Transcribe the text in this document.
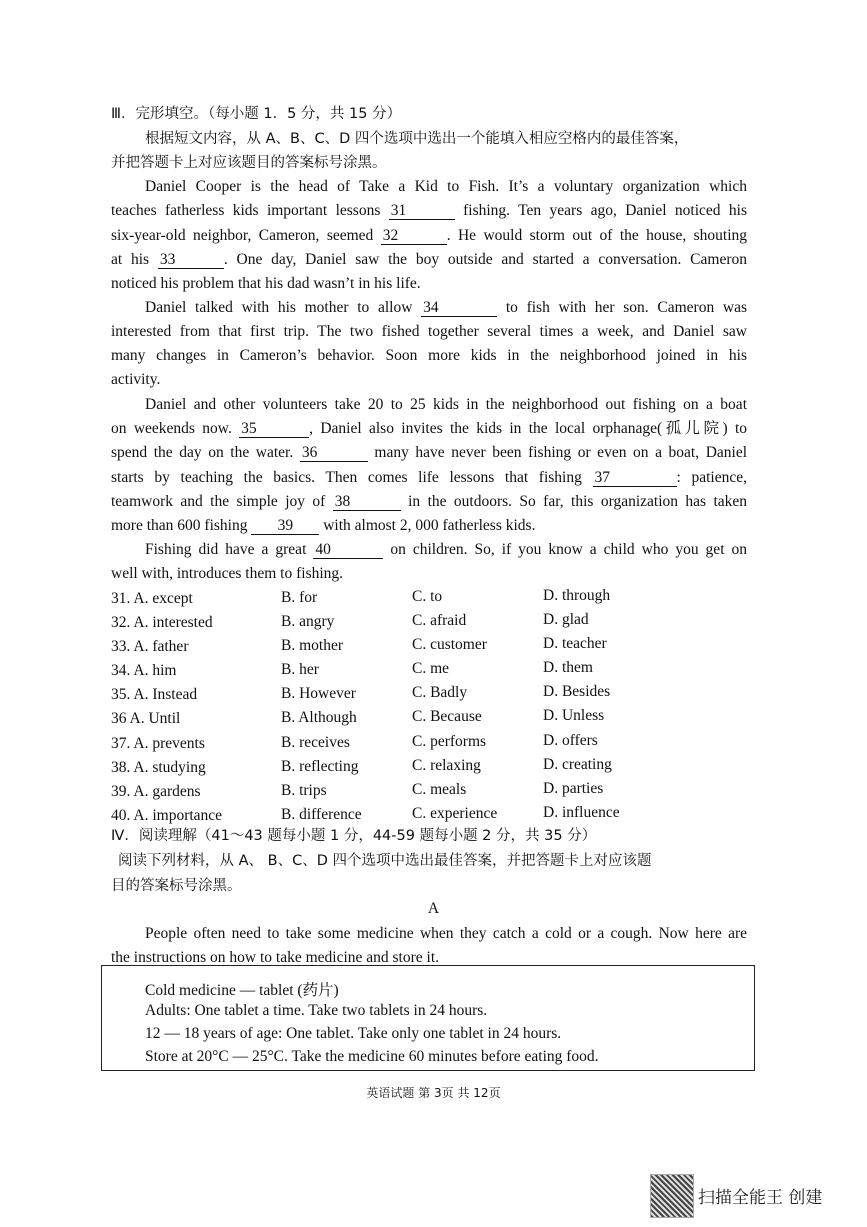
Ⅲ．完形填空。（每小题 1．5 分，共 15 分）
根据短文内容，从 A、B、C、D 四个选项中选出一个能填入相应空格内的最佳答案，
并把答题卡上对应该题目的答案标号涂黑。
Daniel Cooper is the head of Take a Kid to Fish. It’s a voluntary organization which
teaches fatherless kids important lessons 31	fishing. Ten years ago, Daniel noticed his
six-year-old neighbor, Cameron, seemed 32	. He would storm out of the house, shouting
at his 33	. One day, Daniel saw the boy outside and started a conversation. Cameron
noticed his problem that his dad wasn’t in his life.
Daniel talked with his mother to allow 34	to fish with her son. Cameron was
interested from that first trip. The two fished together several times a week, and Daniel saw
many changes in Cameron’s behavior. Soon more kids in the neighborhood joined in his
activity.
Daniel and other volunteers take 20 to 25 kids in the neighborhood out fishing on a boat
on weekends now. 35	, Daniel also invites the kids in the local orphanage(孤儿院) to
spend the day on the water. 36	many have never been fishing or even on a boat, Daniel
starts by teaching the basics. Then comes life lessons that fishing 37	: patience,
teamwork and the simple joy of 38	in the outdoors. So far, this organization has taken
more than 600 fishing 39 with almost 2, 000 fatherless kids.
Fishing did have a great 40	on children. So, if you know a child who you get on
well with, introduces them to fishing.
31. A. except	B. for	C. to	D. through
32. A. interested	B. angry	C. afraid	D. glad
33. A. father	B. mother	C. customer	D. teacher
34. A. him	B. her	C. me	D. them
35. A. Instead	B. However	C. Badly	D. Besides
36 A. Until	B. Although	C. Because	D. Unless
37. A. prevents	B. receives	C. performs	D. offers
38. A. studying	B. reflecting	C. relaxing	D. creating
39. A. gardens	B. trips	C. meals	D. parties
40. A. importance	B. difference	C. experience	D. influence
Ⅳ．阅读理解（41～43 题每小题 1 分，44-59 题每小题 2 分，共 35 分）
阅读下列材料，从 A、 B、C、D 四个选项中选出最佳答案，并把答题卡上对应该题
目的答案标号涂黑。
A
People often need to take some medicine when they catch a cold or a cough. Now here are
the instructions on how to take medicine and store it.
Cold medicine — tablet (药片)
Adults: One tablet a time. Take two tablets in 24 hours.
12 — 18 years of age: One tablet. Take only one tablet in 24 hours.
Store at 20°C — 25°C. Take the medicine 60 minutes before eating food.
英语试题 第 3页 共 12页
扫描全能王 创建
